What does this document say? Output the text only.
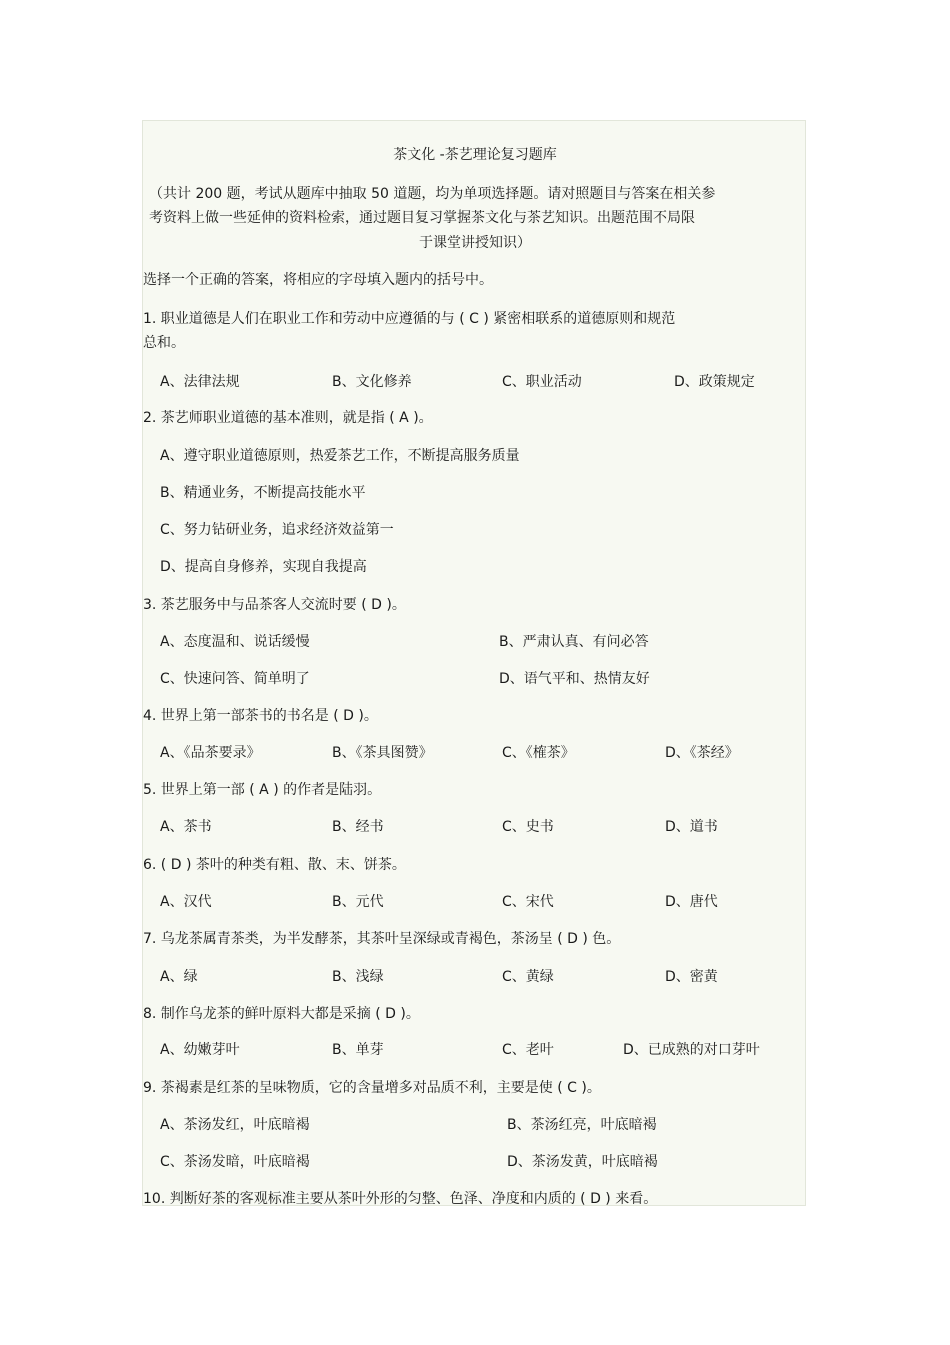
茶文化 -茶艺理论复习题库
（共计 200 题，考试从题库中抽取 50 道题，均为单项选择题。请对照题目与答案在相关参
考资料上做一些延伸的资料检索，通过题目复习掌握茶文化与茶艺知识。出题范围不局限
于课堂讲授知识）
选择一个正确的答案，将相应的字母填入题内的括号中。
1. 职业道德是人们在职业工作和劳动中应遵循的与 ( C ) 紧密相联系的道德原则和规范
总和。
A、法律法规	B、文化修养	C、职业活动	D、政策规定
2. 茶艺师职业道德的基本准则，就是指 ( A )。
A、遵守职业道德原则，热爱茶艺工作，不断提高服务质量
B、精通业务，不断提高技能水平
C、努力钻研业务，追求经济效益第一
D、提高自身修养，实现自我提高
3. 茶艺服务中与品茶客人交流时要 ( D )。
A、态度温和、说话缓慢	B、严肃认真、有问必答
C、快速问答、简单明了	D、语气平和、热情友好
4. 世界上第一部茶书的书名是 ( D )。
A、《品茶要录》	B、《茶具图赞》	C、《榷茶》	D、《茶经》
5. 世界上第一部 ( A ) 的作者是陆羽。
A、茶书	B、经书	C、史书	D、道书
6. ( D ) 茶叶的种类有粗、散、末、饼茶。
A、汉代	B、元代	C、宋代	D、唐代
7. 乌龙茶属青茶类，为半发酵茶，其茶叶呈深绿或青褐色，茶汤呈 ( D ) 色。
A、绿	B、浅绿	C、黄绿	D、密黄
8. 制作乌龙茶的鲜叶原料大都是采摘 ( D )。
A、幼嫩芽叶	B、单芽	C、老叶	D、已成熟的对口芽叶
9. 茶褐素是红茶的呈味物质，它的含量增多对品质不利，主要是使 ( C )。
A、茶汤发红，叶底暗褐	B、茶汤红亮，叶底暗褐
C、茶汤发暗，叶底暗褐	D、茶汤发黄，叶底暗褐
10. 判断好茶的客观标准主要从茶叶外形的匀整、色泽、净度和内质的 ( D ) 来看。
